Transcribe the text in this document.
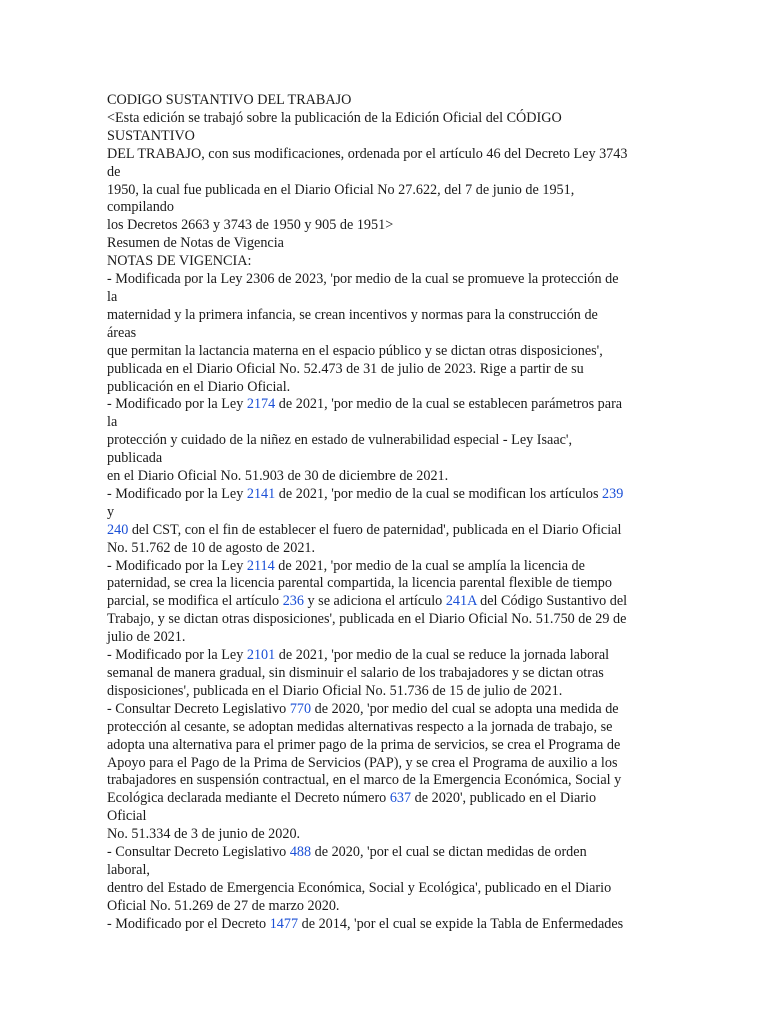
CODIGO SUSTANTIVO DEL TRABAJO
<Esta edición se trabajó sobre la publicación de la Edición Oficial del CÓDIGO
SUSTANTIVO
DEL TRABAJO, con sus modificaciones, ordenada por el artículo 46 del Decreto Ley 3743
de
1950, la cual fue publicada en el Diario Oficial No 27.622, del 7 de junio de 1951,
compilando
los Decretos 2663 y 3743 de 1950 y 905 de 1951>
Resumen de Notas de Vigencia
NOTAS DE VIGENCIA:
- Modificada por la Ley 2306 de 2023, 'por medio de la cual se promueve la protección de
la
maternidad y la primera infancia, se crean incentivos y normas para la construcción de
áreas
que permitan la lactancia materna en el espacio público y se dictan otras disposiciones',
publicada en el Diario Oficial No. 52.473 de 31 de julio de 2023. Rige a partir de su
publicación en el Diario Oficial.
- Modificado por la Ley 2174 de 2021, 'por medio de la cual se establecen parámetros para
la
protección y cuidado de la niñez en estado de vulnerabilidad especial - Ley Isaac',
publicada
en el Diario Oficial No. 51.903 de 30 de diciembre de 2021.
- Modificado por la Ley 2141 de 2021, 'por medio de la cual se modifican los artículos 239
y
240 del CST, con el fin de establecer el fuero de paternidad', publicada en el Diario Oficial
No. 51.762 de 10 de agosto de 2021.
- Modificado por la Ley 2114 de 2021, 'por medio de la cual se amplía la licencia de
paternidad, se crea la licencia parental compartida, la licencia parental flexible de tiempo
parcial, se modifica el artículo 236 y se adiciona el artículo 241A del Código Sustantivo del
Trabajo, y se dictan otras disposiciones', publicada en el Diario Oficial No. 51.750 de 29 de
julio de 2021.
- Modificado por la Ley 2101 de 2021, 'por medio de la cual se reduce la jornada laboral
semanal de manera gradual, sin disminuir el salario de los trabajadores y se dictan otras
disposiciones', publicada en el Diario Oficial No. 51.736 de 15 de julio de 2021.
- Consultar Decreto Legislativo 770 de 2020, 'por medio del cual se adopta una medida de
protección al cesante, se adoptan medidas alternativas respecto a la jornada de trabajo, se
adopta una alternativa para el primer pago de la prima de servicios, se crea el Programa de
Apoyo para el Pago de la Prima de Servicios (PAP), y se crea el Programa de auxilio a los
trabajadores en suspensión contractual, en el marco de la Emergencia Económica, Social y
Ecológica declarada mediante el Decreto número 637 de 2020', publicado en el Diario
Oficial
No. 51.334 de 3 de junio de 2020.
- Consultar Decreto Legislativo 488 de 2020, 'por el cual se dictan medidas de orden
laboral,
dentro del Estado de Emergencia Económica, Social y Ecológica', publicado en el Diario
Oficial No. 51.269 de 27 de marzo 2020.
- Modificado por el Decreto 1477 de 2014, 'por el cual se expide la Tabla de Enfermedades
